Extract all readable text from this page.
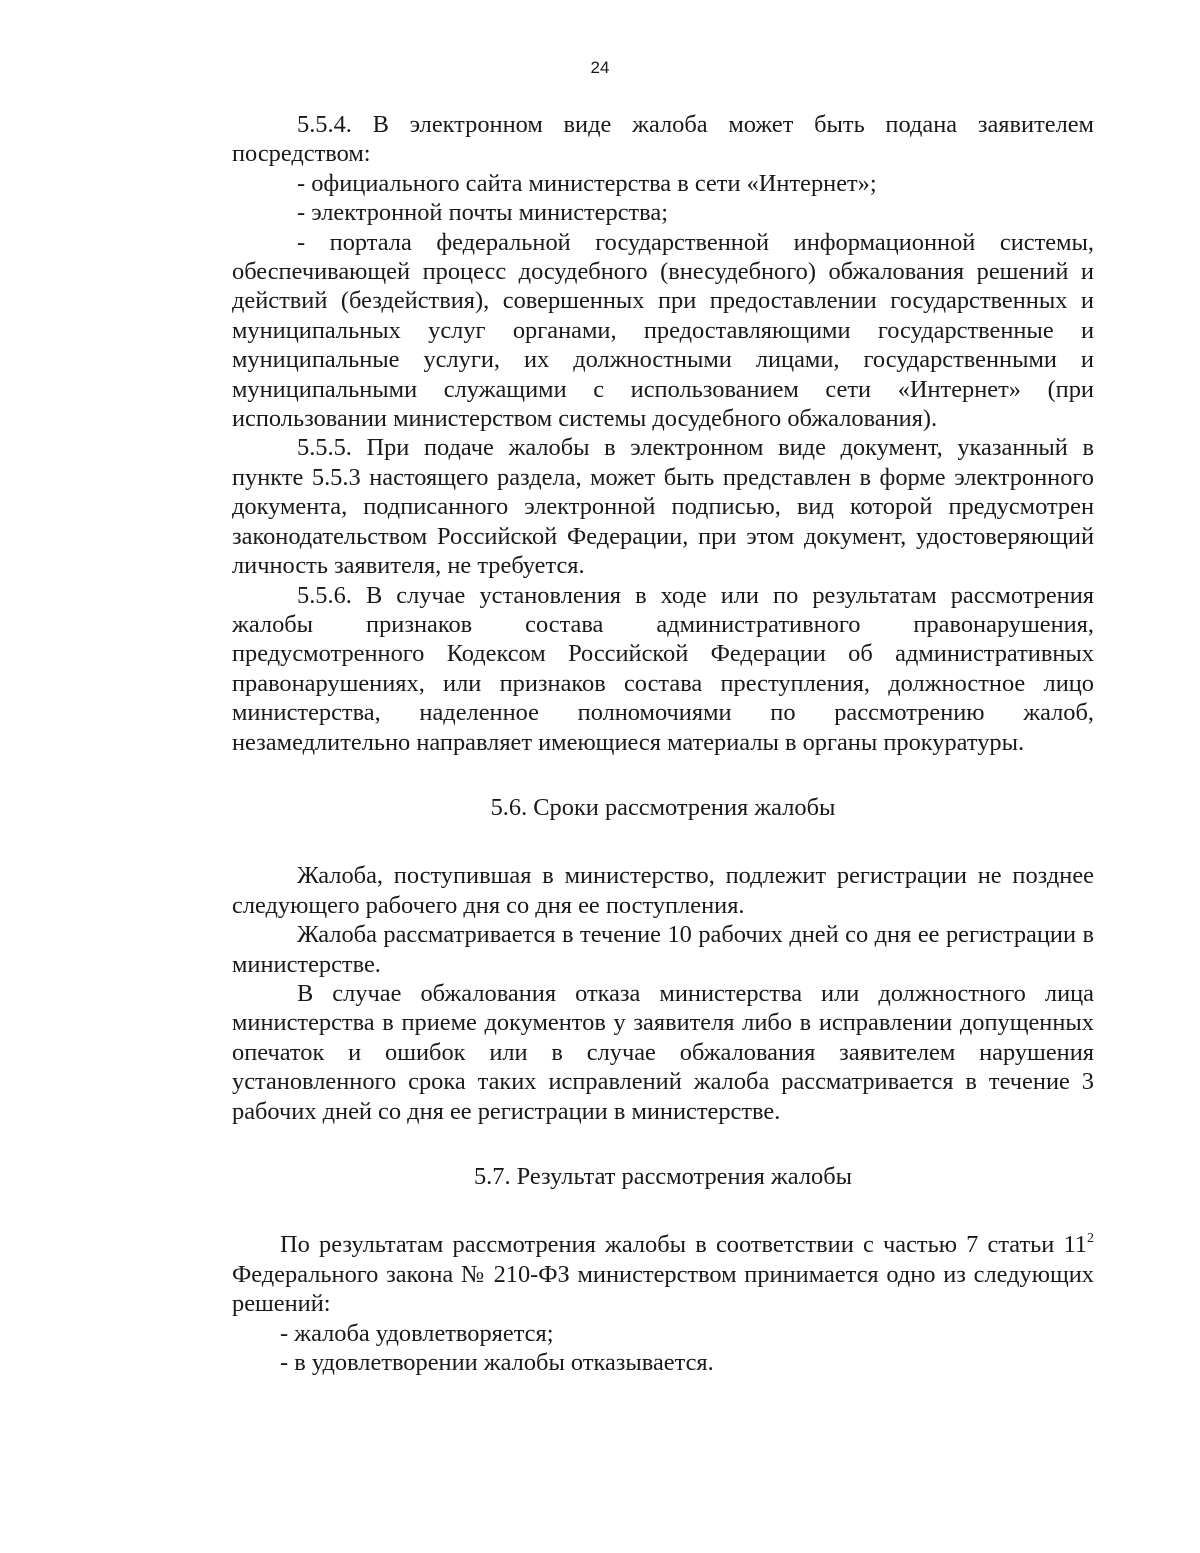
24

5.5.4. В электронном виде жалоба может быть подана заявителем посредством:

- официального сайта министерства в сети «Интернет»;

- электронной почты министерства;

- портала федеральной государственной информационной системы, обеспечивающей процесс досудебного (внесудебного) обжалования решений и действий (бездействия), совершенных при предоставлении государственных и муниципальных услуг органами, предоставляющими государственные и муниципальные услуги, их должностными лицами, государственными и муниципальными служащими с использованием сети «Интернет» (при использовании министерством системы досудебного обжалования).

5.5.5. При подаче жалобы в электронном виде документ, указанный в пункте 5.5.3 настоящего раздела, может быть представлен в форме электронного документа, подписанного электронной подписью, вид которой предусмотрен законодательством Российской Федерации, при этом документ, удостоверяющий личность заявителя, не требуется.

5.5.6. В случае установления в ходе или по результатам рассмотрения жалобы признаков состава административного правонарушения, предусмотренного Кодексом Российской Федерации об административных правонарушениях, или признаков состава преступления, должностное лицо министерства, наделенное полномочиями по рассмотрению жалоб, незамедлительно направляет имеющиеся материалы в органы прокуратуры.

5.6. Сроки рассмотрения жалобы

Жалоба, поступившая в министерство, подлежит регистрации не позднее следующего рабочего дня со дня ее поступления.

Жалоба рассматривается в течение 10 рабочих дней со дня ее регистрации в министерстве.

В случае обжалования отказа министерства или должностного лица министерства в приеме документов у заявителя либо в исправлении допущенных опечаток и ошибок или в случае обжалования заявителем нарушения установленного срока таких исправлений жалоба рассматривается в течение 3 рабочих дней со дня ее регистрации в министерстве.

5.7. Результат рассмотрения жалобы

По результатам рассмотрения жалобы в соответствии с частью 7 статьи $11^2$ Федерального закона № 210-ФЗ министерством принимается одно из следующих решений:

- жалоба удовлетворяется;

- в удовлетворении жалобы отказывается.
